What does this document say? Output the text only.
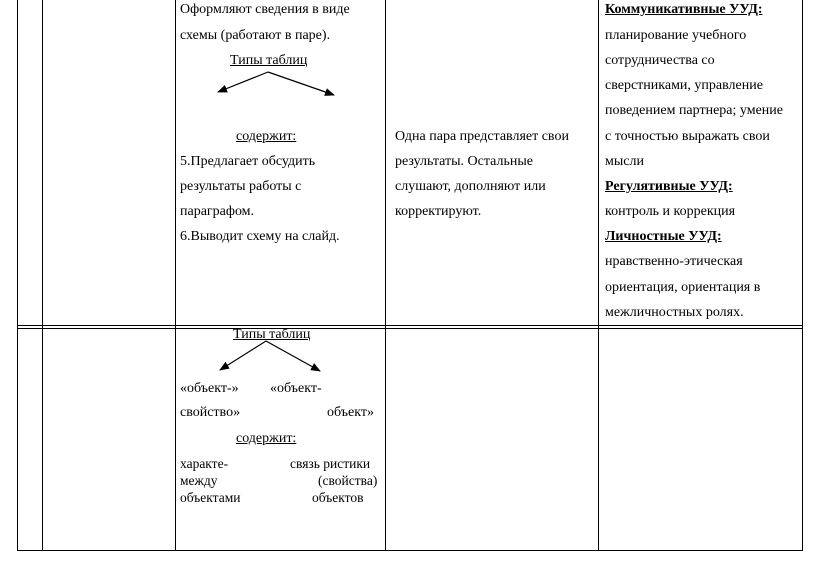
Оформляют сведения в виде
схемы (работают в паре).
Типы таблиц
содержит:
5.Предлагает обсудить
результаты работы с
параграфом.
6.Выводит схему на слайд.
Одна пара представляет свои
результаты. Остальные
слушают, дополняют или
корректируют.
Коммуникативные УУД:
планирование учебного
сотрудничества со
сверстниками, управление
поведением партнера; умение
с точностью выражать свои
мысли
Регулятивные УУД:
контроль и коррекция
Личностные УУД:
нравственно-этическая
ориентация, ориентация в
межличностных ролях.
Типы таблиц
«объект-» «объект-
свойство»	объект»
содержит:
характе-	связь ристики
между	(свойства)
объектами	объектов
